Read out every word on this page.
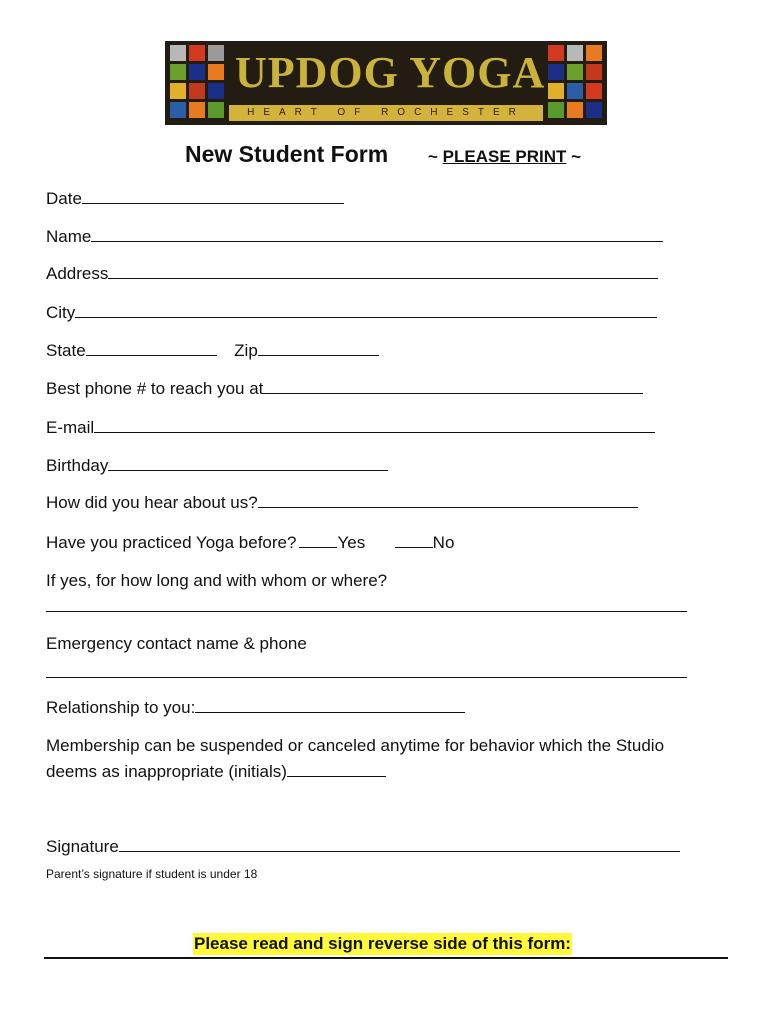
UPDOG YOGA
HEART OF ROCHESTER
New Student Form ~ PLEASE PRINT ~
Date
Name
Address
City
State	Zip
Best phone # to reach you at
E-mail
Birthday
How did you hear about us?
Have you practiced Yoga before? Yes	No
If yes, for how long and with whom or where?
Emergency contact name & phone
Relationship to you:
Membership can be suspended or canceled anytime for behavior which the Studio
deems as inappropriate (initials)
Signature
Parent’s signature if student is under 18
Please read and sign reverse side of this form:
